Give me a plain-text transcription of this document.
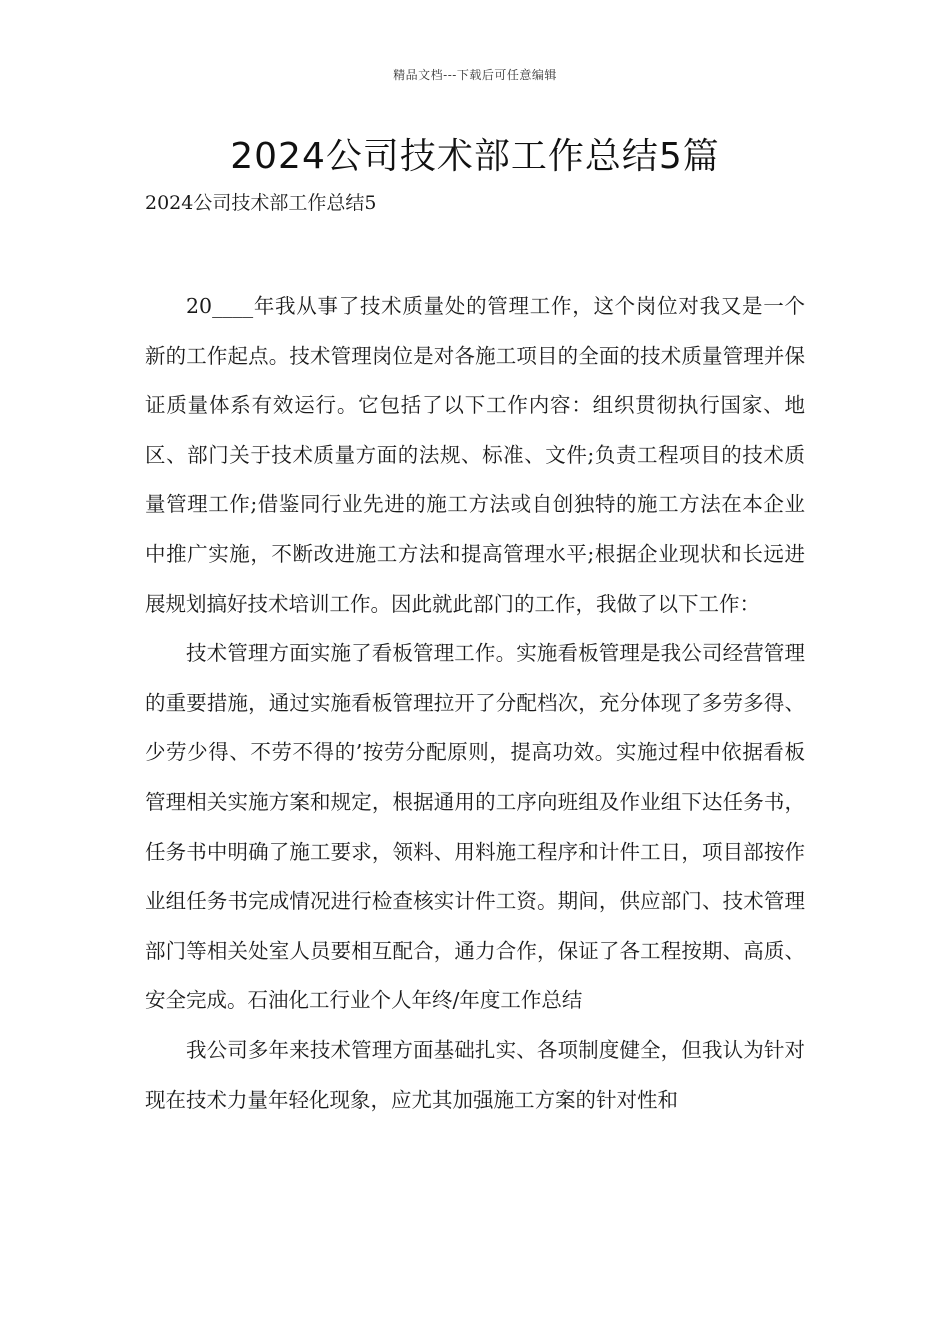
精品文档---下载后可任意编辑
2024公司技术部工作总结5篇
2024公司技术部工作总结5

20____年我从事了技术质量处的管理工作，这个岗位对我又是一个新的工作起点。技术管理岗位是对各施工项目的全面的技术质量管理并保证质量体系有效运行。它包括了以下工作内容：组织贯彻执行国家、地区、部门关于技术质量方面的法规、标准、文件;负责工程项目的技术质量管理工作;借鉴同行业先进的施工方法或自创独特的施工方法在本企业中推广实施，不断改进施工方法和提高管理水平;根据企业现状和长远进展规划搞好技术培训工作。因此就此部门的工作，我做了以下工作：

技术管理方面实施了看板管理工作。实施看板管理是我公司经营管理的重要措施，通过实施看板管理拉开了分配档次，充分体现了多劳多得、少劳少得、不劳不得的’按劳分配原则，提高功效。实施过程中依据看板管理相关实施方案和规定，根据通用的工序向班组及作业组下达任务书，任务书中明确了施工要求，领料、用料施工程序和计件工日，项目部按作业组任务书完成情况进行检查核实计件工资。期间，供应部门、技术管理部门等相关处室人员要相互配合，通力合作，保证了各工程按期、高质、安全完成。石油化工行业个人年终/年度工作总结

我公司多年来技术管理方面基础扎实、各项制度健全，但我认为针对现在技术力量年轻化现象，应尤其加强施工方案的针对性和
